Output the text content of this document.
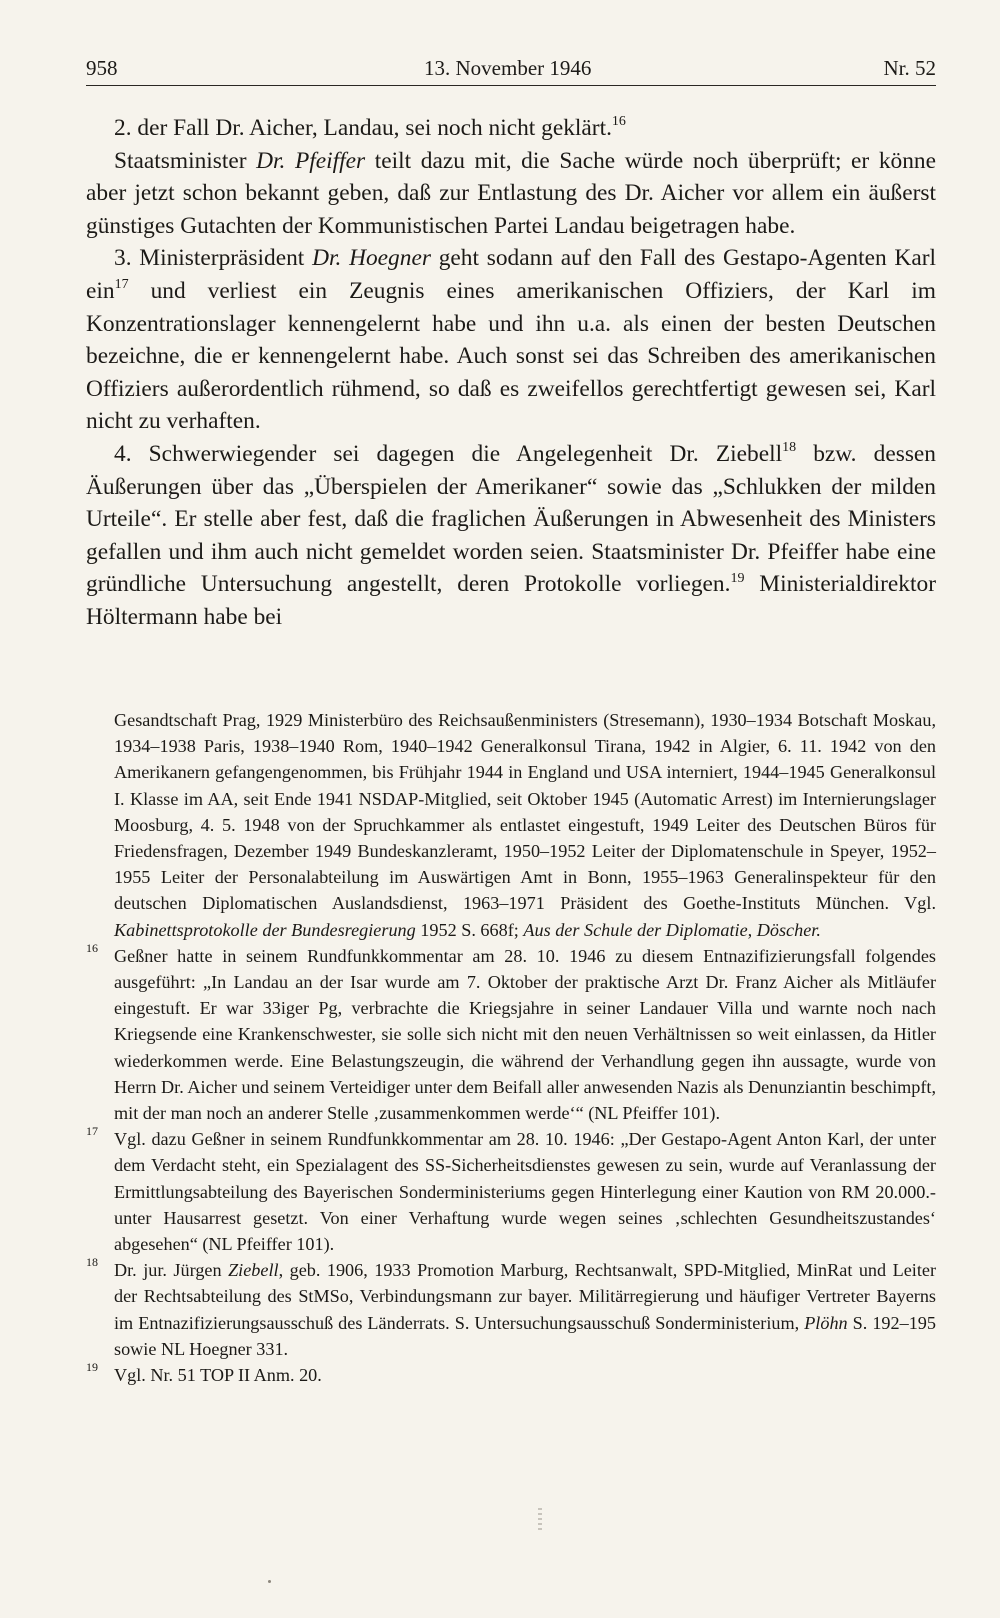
958	13. November 1946	Nr. 52

2. der Fall Dr. Aicher, Landau, sei noch nicht geklärt.$^{16}$

Staatsminister Dr. Pfeiffer teilt dazu mit, die Sache würde noch überprüft; er könne aber jetzt schon bekannt geben, daß zur Entlastung des Dr. Aicher vor allem ein äußerst günstiges Gutachten der Kommunistischen Partei Landau beigetragen habe.

3. Ministerpräsident Dr. Hoegner geht sodann auf den Fall des Gestapo-Agenten Karl ein$^{17}$ und verliest ein Zeugnis eines amerikanischen Offiziers, der Karl im Konzentrationslager kennengelernt habe und ihn u.a. als einen der besten Deutschen bezeichne, die er kennengelernt habe. Auch sonst sei das Schreiben des amerikanischen Offiziers außerordentlich rühmend, so daß es zweifellos gerechtfertigt gewesen sei, Karl nicht zu verhaften.

4. Schwerwiegender sei dagegen die Angelegenheit Dr. Ziebell$^{18}$ bzw. dessen Äußerungen über das „Überspielen der Amerikaner“ sowie das „Schlukken der milden Urteile“. Er stelle aber fest, daß die fraglichen Äußerungen in Abwesenheit des Ministers gefallen und ihm auch nicht gemeldet worden seien. Staatsminister Dr. Pfeiffer habe eine gründliche Untersuchung angestellt, deren Protokolle vorliegen.$^{19}$ Ministerialdirektor Höltermann habe bei

Gesandtschaft Prag, 1929 Ministerbüro des Reichsaußenministers (Stresemann), 1930–1934 Botschaft Moskau, 1934–1938 Paris, 1938–1940 Rom, 1940–1942 Generalkonsul Tirana, 1942 in Algier, 6. 11. 1942 von den Amerikanern gefangengenommen, bis Frühjahr 1944 in England und USA interniert, 1944–1945 Generalkonsul I. Klasse im AA, seit Ende 1941 NSDAP-Mitglied, seit Oktober 1945 (Automatic Arrest) im Internierungslager Moosburg, 4. 5. 1948 von der Spruchkammer als entlastet eingestuft, 1949 Leiter des Deutschen Büros für Friedensfragen, Dezember 1949 Bundeskanzleramt, 1950–1952 Leiter der Diplomatenschule in Speyer, 1952–1955 Leiter der Personalabteilung im Auswärtigen Amt in Bonn, 1955–1963 Generalinspekteur für den deutschen Diplomatischen Auslandsdienst, 1963–1971 Präsident des Goethe-Instituts München. Vgl. Kabinettsprotokolle der Bundesregierung 1952 S. 668f; Aus der Schule der Diplomatie, Döscher.

16 Geßner hatte in seinem Rundfunkkommentar am 28. 10. 1946 zu diesem Entnazifizierungsfall folgendes ausgeführt: „In Landau an der Isar wurde am 7. Oktober der praktische Arzt Dr. Franz Aicher als Mitläufer eingestuft. Er war 33iger Pg, verbrachte die Kriegsjahre in seiner Landauer Villa und warnte noch nach Kriegsende eine Krankenschwester, sie solle sich nicht mit den neuen Verhältnissen so weit einlassen, da Hitler wiederkommen werde. Eine Belastungszeugin, die während der Verhandlung gegen ihn aussagte, wurde von Herrn Dr. Aicher und seinem Verteidiger unter dem Beifall aller anwesenden Nazis als Denunziantin beschimpft, mit der man noch an anderer Stelle ‚zusammenkommen werde‘“ (NL Pfeiffer 101).

17 Vgl. dazu Geßner in seinem Rundfunkkommentar am 28. 10. 1946: „Der Gestapo-Agent Anton Karl, der unter dem Verdacht steht, ein Spezialagent des SS-Sicherheitsdienstes gewesen zu sein, wurde auf Veranlassung der Ermittlungsabteilung des Bayerischen Sonderministeriums gegen Hinterlegung einer Kaution von RM 20.000.- unter Hausarrest gesetzt. Von einer Verhaftung wurde wegen seines ‚schlechten Gesundheitszustandes‘ abgesehen“ (NL Pfeiffer 101).

18 Dr. jur. Jürgen Ziebell, geb. 1906, 1933 Promotion Marburg, Rechtsanwalt, SPD-Mitglied, MinRat und Leiter der Rechtsabteilung des StMSo, Verbindungsmann zur bayer. Militärregierung und häufiger Vertreter Bayerns im Entnazifizierungsausschuß des Länderrats. S. Untersuchungsausschuß Sonderministerium, Plöhn S. 192–195 sowie NL Hoegner 331.

19 Vgl. Nr. 51 TOP II Anm. 20.
